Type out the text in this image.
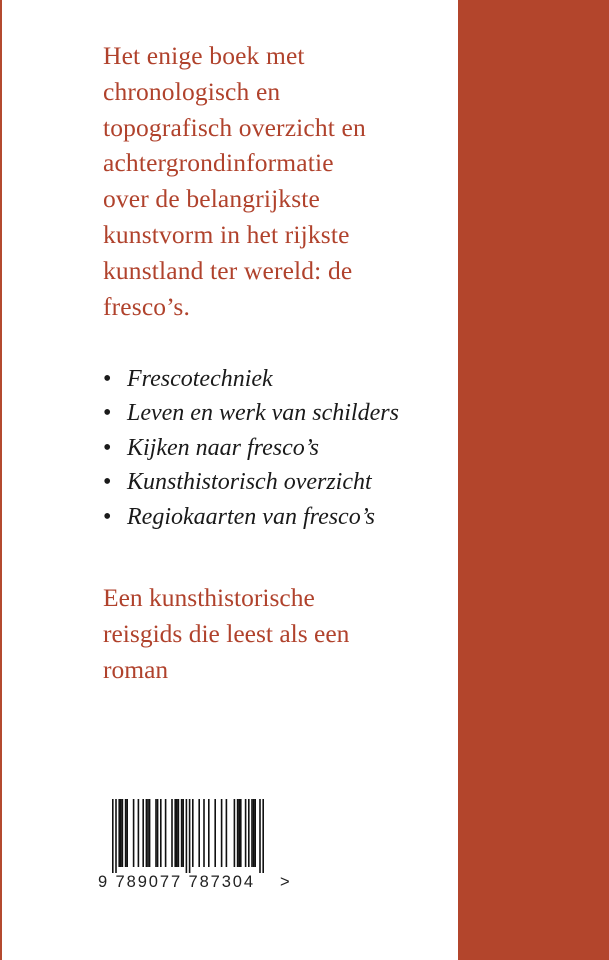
Het enige boek met
chronologisch en
topografisch overzicht en
achtergrondinformatie
over de belangrijkste
kunstvorm in het rijkste
kunstland ter wereld: de
fresco’s.
• Frescotechniek
• Leven en werk van schilders
• Kijken naar fresco’s
• Kunsthistorisch overzicht
• Regiokaarten van fresco’s
Een kunsthistorische
reisgids die leest als een
roman
9 789077 787304	>
